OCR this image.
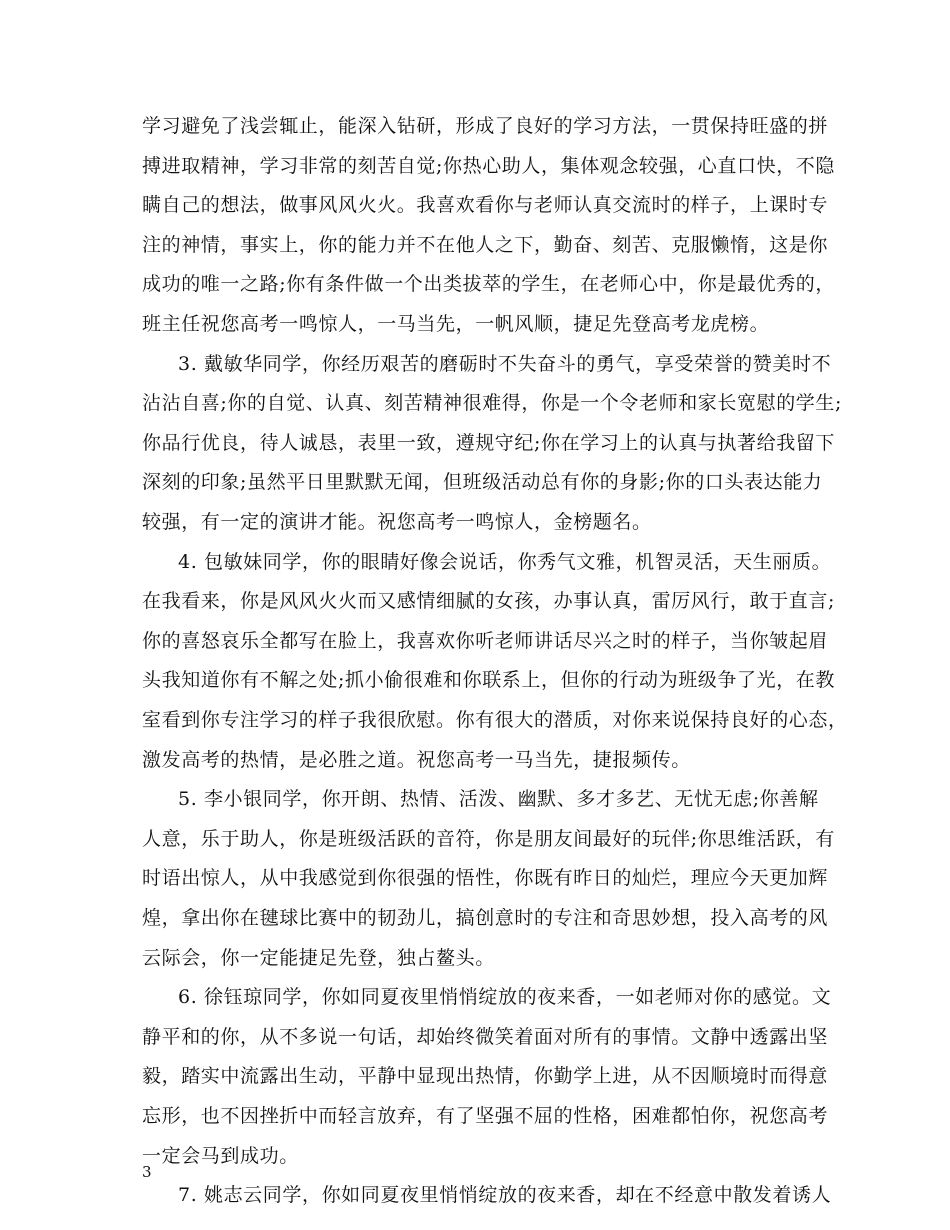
学习避免了浅尝辄止，能深入钻研，形成了良好的学习方法，一贯保持旺盛的拼
搏进取精神，学习非常的刻苦自觉;你热心助人，集体观念较强，心直口快，不隐
瞒自己的想法，做事风风火火。我喜欢看你与老师认真交流时的样子，上课时专
注的神情，事实上，你的能力并不在他人之下，勤奋、刻苦、克服懒惰，这是你
成功的唯一之路;你有条件做一个出类拔萃的学生，在老师心中，你是最优秀的，
班主任祝您高考一鸣惊人，一马当先，一帆风顺，捷足先登高考龙虎榜。
3. 戴敏华同学，你经历艰苦的磨砺时不失奋斗的勇气，享受荣誉的赞美时不
沾沾自喜;你的自觉、认真、刻苦精神很难得，你是一个令老师和家长宽慰的学生;
你品行优良，待人诚恳，表里一致，遵规守纪;你在学习上的认真与执著给我留下
深刻的印象;虽然平日里默默无闻，但班级活动总有你的身影;你的口头表达能力
较强，有一定的演讲才能。祝您高考一鸣惊人，金榜题名。
4. 包敏妹同学，你的眼睛好像会说话，你秀气文雅，机智灵活，天生丽质。
在我看来，你是风风火火而又感情细腻的女孩，办事认真，雷厉风行，敢于直言;
你的喜怒哀乐全都写在脸上，我喜欢你听老师讲话尽兴之时的样子，当你皱起眉
头我知道你有不解之处;抓小偷很难和你联系上，但你的行动为班级争了光，在教
室看到你专注学习的样子我很欣慰。你有很大的潜质，对你来说保持良好的心态，
激发高考的热情，是必胜之道。祝您高考一马当先，捷报频传。
5. 李小银同学，你开朗、热情、活泼、幽默、多才多艺、无忧无虑;你善解
人意，乐于助人，你是班级活跃的音符，你是朋友间最好的玩伴;你思维活跃，有
时语出惊人，从中我感觉到你很强的悟性，你既有昨日的灿烂，理应今天更加辉
煌，拿出你在毽球比赛中的韧劲儿，搞创意时的专注和奇思妙想，投入高考的风
云际会，你一定能捷足先登，独占鳌头。
6. 徐钰琼同学，你如同夏夜里悄悄绽放的夜来香，一如老师对你的感觉。文
静平和的你，从不多说一句话，却始终微笑着面对所有的事情。文静中透露出坚
毅，踏实中流露出生动，平静中显现出热情，你勤学上进，从不因顺境时而得意
忘形，也不因挫折中而轻言放弃，有了坚强不屈的性格，困难都怕你，祝您高考
一定会马到成功。
7. 姚志云同学，你如同夏夜里悄悄绽放的夜来香，却在不经意中散发着诱人
3
